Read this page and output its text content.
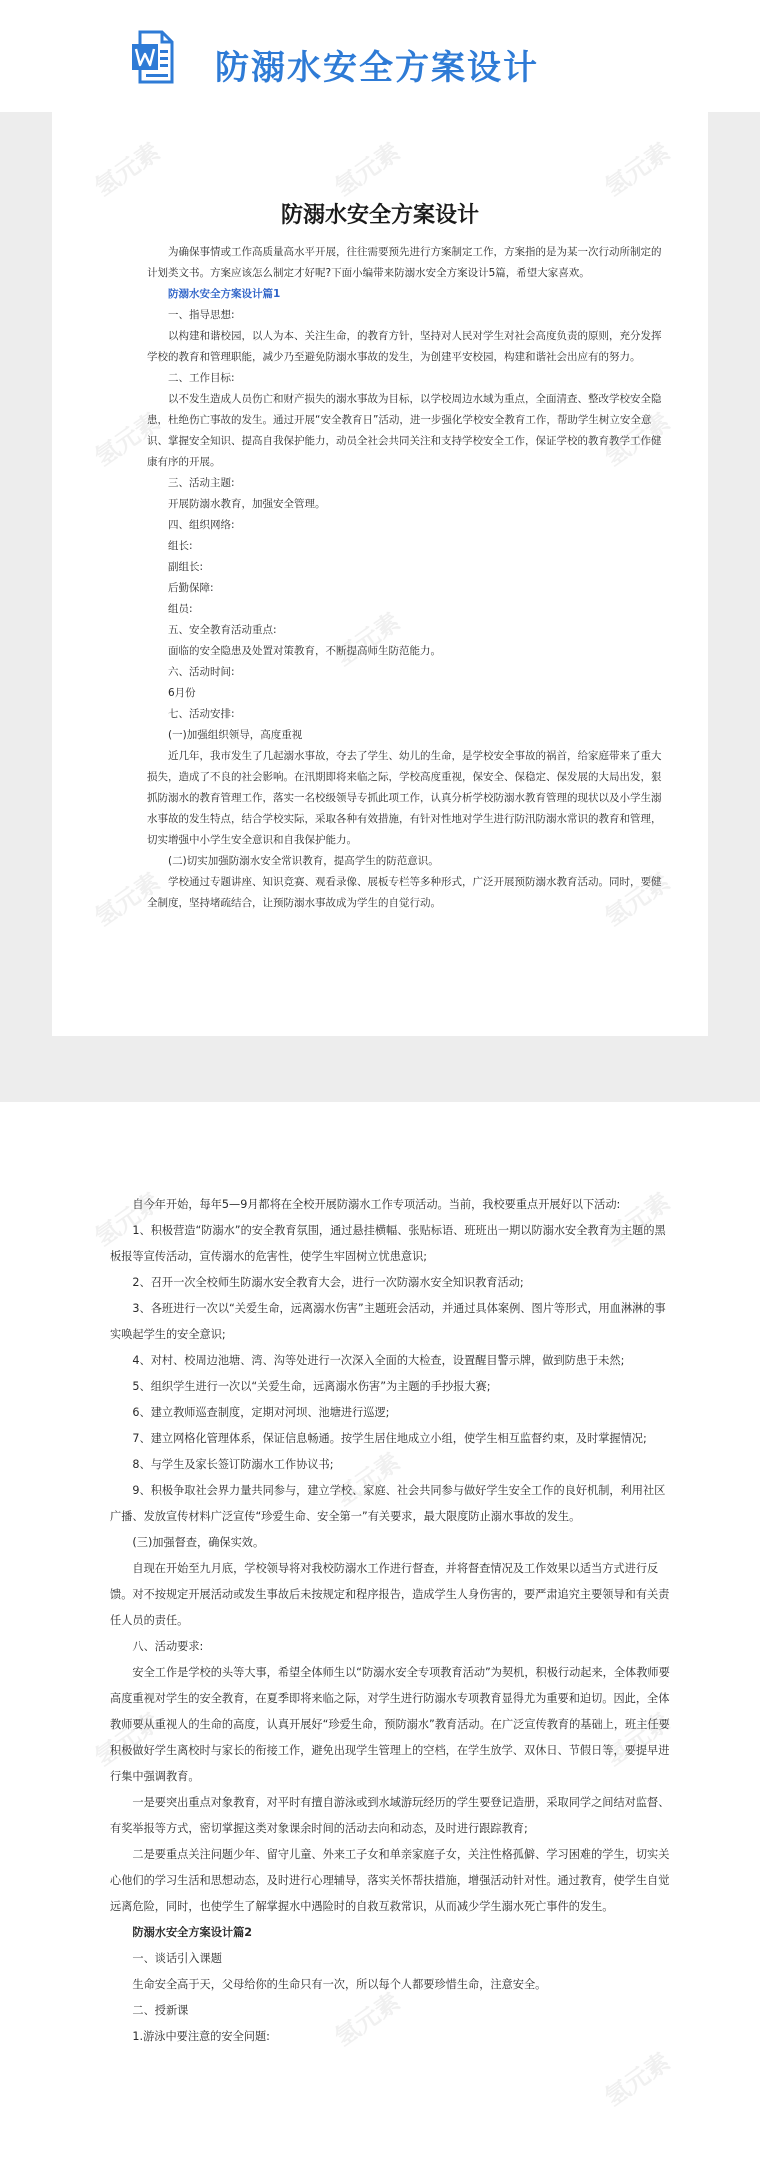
防溺水安全方案设计
防溺水安全方案设计

为确保事情或工作高质量高水平开展，往往需要预先进行方案制定工作，方案指的是为某一次行动所制定的计划类文书。方案应该怎么制定才好呢?下面小编带来防溺水安全方案设计5篇，希望大家喜欢。

防溺水安全方案设计篇1

一、指导思想:

以构建和谐校园，以人为本、关注生命，的教育方针，坚持对人民对学生对社会高度负责的原则，充分发挥学校的教育和管理职能，减少乃至避免防溺水事故的发生，为创建平安校园，构建和谐社会出应有的努力。

二、工作目标:

以不发生造成人员伤亡和财产损失的溺水事故为目标，以学校周边水域为重点，全面清查、整改学校安全隐患，杜绝伤亡事故的发生。通过开展“安全教育日”活动，进一步强化学校安全教育工作，帮助学生树立安全意识、掌握安全知识、提高自我保护能力，动员全社会共同关注和支持学校安全工作，保证学校的教育教学工作健康有序的开展。

三、活动主题:

开展防溺水教育，加强安全管理。

四、组织网络:

组长:

副组长:

后勤保障:

组员:

五、安全教育活动重点:

面临的安全隐患及处置对策教育，不断提高师生防范能力。

六、活动时间:

6月份

七、活动安排:

(一)加强组织领导，高度重视

近几年，我市发生了几起溺水事故，夺去了学生、幼儿的生命，是学校安全事故的祸首，给家庭带来了重大损失，造成了不良的社会影响。在汛期即将来临之际，学校高度重视，保安全、保稳定、保发展的大局出发，狠抓防溺水的教育管理工作，落实一名校级领导专抓此项工作，认真分析学校防溺水教育管理的现状以及小学生溺水事故的发生特点，结合学校实际，采取各种有效措施，有针对性地对学生进行防汛防溺水常识的教育和管理，切实增强中小学生安全意识和自我保护能力。

(二)切实加强防溺水安全常识教育，提高学生的防范意识。

学校通过专题讲座、知识竞赛、观看录像、展板专栏等多种形式，广泛开展预防溺水教育活动。同时，要健全制度，坚持堵疏结合，让预防溺水事故成为学生的自觉行动。

自今年开始，每年5—9月都将在全校开展防溺水工作专项活动。当前，我校要重点开展好以下活动:

1、积极营造“防溺水”的安全教育氛围，通过悬挂横幅、张贴标语、班班出一期以防溺水安全教育为主题的黑板报等宣传活动，宣传溺水的危害性，使学生牢固树立忧患意识;

2、召开一次全校师生防溺水安全教育大会，进行一次防溺水安全知识教育活动;

3、各班进行一次以“关爱生命，远离溺水伤害”主题班会活动，并通过具体案例、图片等形式，用血淋淋的事实唤起学生的安全意识;

4、对村、校周边池塘、湾、沟等处进行一次深入全面的大检查，设置醒目警示牌，做到防患于未然;

5、组织学生进行一次以“关爱生命，远离溺水伤害”为主题的手抄报大赛;

6、建立教师巡查制度，定期对河坝、池塘进行巡逻;

7、建立网格化管理体系，保证信息畅通。按学生居住地成立小组，使学生相互监督约束，及时掌握情况;

8、与学生及家长签订防溺水工作协议书;

9、积极争取社会界力量共同参与，建立学校、家庭、社会共同参与做好学生安全工作的良好机制，利用社区广播、发放宣传材料广泛宣传“珍爱生命、安全第一”有关要求，最大限度防止溺水事故的发生。

(三)加强督查，确保实效。

自现在开始至九月底，学校领导将对我校防溺水工作进行督查，并将督查情况及工作效果以适当方式进行反馈。对不按规定开展活动或发生事故后未按规定和程序报告，造成学生人身伤害的，要严肃追究主要领导和有关责任人员的责任。

八、活动要求:

安全工作是学校的头等大事，希望全体师生以“防溺水安全专项教育活动”为契机，积极行动起来，全体教师要高度重视对学生的安全教育，在夏季即将来临之际，对学生进行防溺水专项教育显得尤为重要和迫切。因此，全体教师要从重视人的生命的高度，认真开展好“珍爱生命，预防溺水”教育活动。在广泛宣传教育的基础上，班主任要积极做好学生离校时与家长的衔接工作，避免出现学生管理上的空档，在学生放学、双休日、节假日等，要提早进行集中强调教育。

一是要突出重点对象教育，对平时有擅自游泳或到水域游玩经历的学生要登记造册，采取同学之间结对监督、有奖举报等方式，密切掌握这类对象课余时间的活动去向和动态，及时进行跟踪教育;

二是要重点关注问题少年、留守儿童、外来工子女和单亲家庭子女，关注性格孤僻、学习困难的学生，切实关心他们的学习生活和思想动态，及时进行心理辅导，落实关怀帮扶措施，增强活动针对性。通过教育，使学生自觉远离危险，同时，也使学生了解掌握水中遇险时的自救互救常识，从而减少学生溺水死亡事件的发生。

防溺水安全方案设计篇2

一、谈话引入课题

生命安全高于天，父母给你的生命只有一次，所以每个人都要珍惜生命，注意安全。

二、授新课

1.游泳中要注意的安全问题:
